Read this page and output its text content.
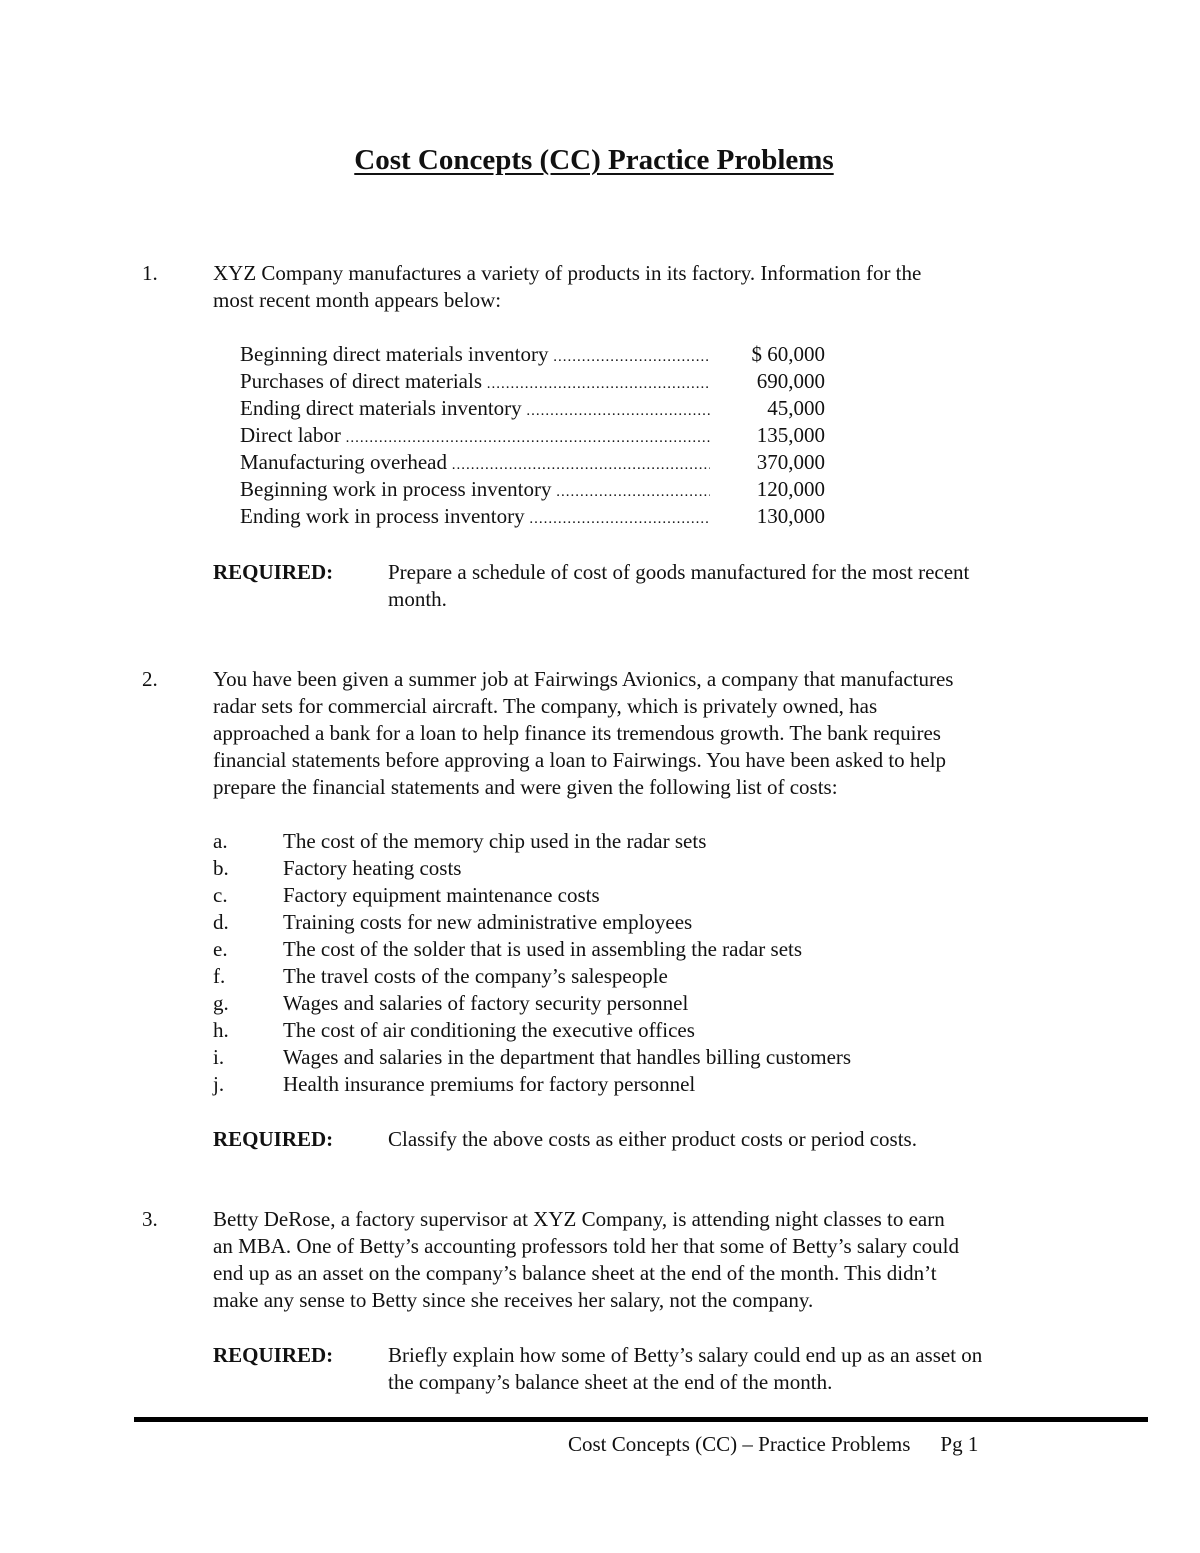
Cost Concepts (CC) Practice Problems
1.	XYZ Company manufactures a variety of products in its factory. Information for the
most recent month appears below:
Beginning direct materials inventory .....	$ 60,000
Purchases of direct materials .....	690,000
Ending direct materials inventory .....	45,000
Direct labor .....	135,000
Manufacturing overhead .....	370,000
Beginning work in process inventory .....	120,000
Ending work in process inventory .....	130,000
REQUIRED:	Prepare a schedule of cost of goods manufactured for the most recent
month.
2.	You have been given a summer job at Fairwings Avionics, a company that manufactures
radar sets for commercial aircraft. The company, which is privately owned, has
approached a bank for a loan to help finance its tremendous growth. The bank requires
financial statements before approving a loan to Fairwings. You have been asked to help
prepare the financial statements and were given the following list of costs:
a.	The cost of the memory chip used in the radar sets
b.	Factory heating costs
c.	Factory equipment maintenance costs
d.	Training costs for new administrative employees
e.	The cost of the solder that is used in assembling the radar sets
f.	The travel costs of the company’s salespeople
g.	Wages and salaries of factory security personnel
h.	The cost of air conditioning the executive offices
i.	Wages and salaries in the department that handles billing customers
j.	Health insurance premiums for factory personnel
REQUIRED:	Classify the above costs as either product costs or period costs.
3.	Betty DeRose, a factory supervisor at XYZ Company, is attending night classes to earn
an MBA. One of Betty’s accounting professors told her that some of Betty’s salary could
end up as an asset on the company’s balance sheet at the end of the month. This didn’t
make any sense to Betty since she receives her salary, not the company.
REQUIRED:	Briefly explain how some of Betty’s salary could end up as an asset on
the company’s balance sheet at the end of the month.
Cost Concepts (CC) – Practice Problems Pg 1
